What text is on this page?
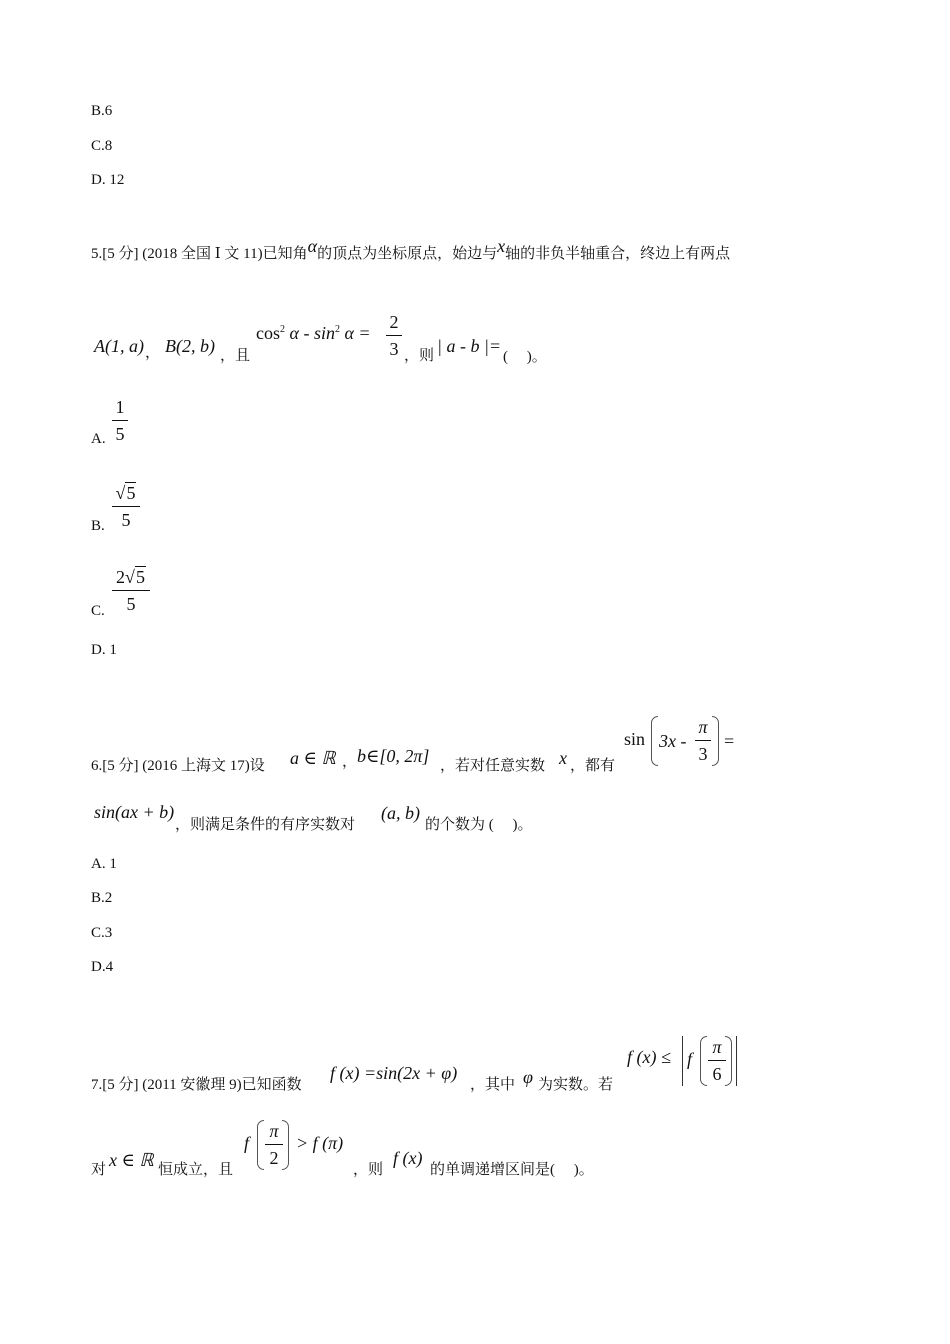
B.6
C.8
D. 12
5.[5 分] (2018 全国 Ⅰ 文 11)已知角α的顶点为坐标原点，始边与x轴的非负半轴重合，终边上有两点
A(1, a) ， B(2, b) ，且
$\cos^2 \alpha - \sin^2 \alpha$ =
2
3 ，则 | a - b |=
(　 )。
A.
1
5
B.
√5
5
C.
2√5
5
D. 1
6.[5 分] (2016 上海文 17)设 a ∈ ℝ ， b∈[0, 2π] ，若对任意实数 x ，都有
sin 3x -
π
3
=
sin(ax + b)
，则满足条件的有序实数对
(a, b)
的个数为 (　 )。
A. 1
B.2
C.3
D.4
7.[5 分] (2011 安徽理 9)已知函数
f (x) =sin(2x + φ)
，其中 φ 为实数。若
f (x) ≤ f
π
6
对 x ∈ ℝ 恒成立，且
f
π
2
> f (π)
，则
f (x)
的单调递增区间是(　 )。
